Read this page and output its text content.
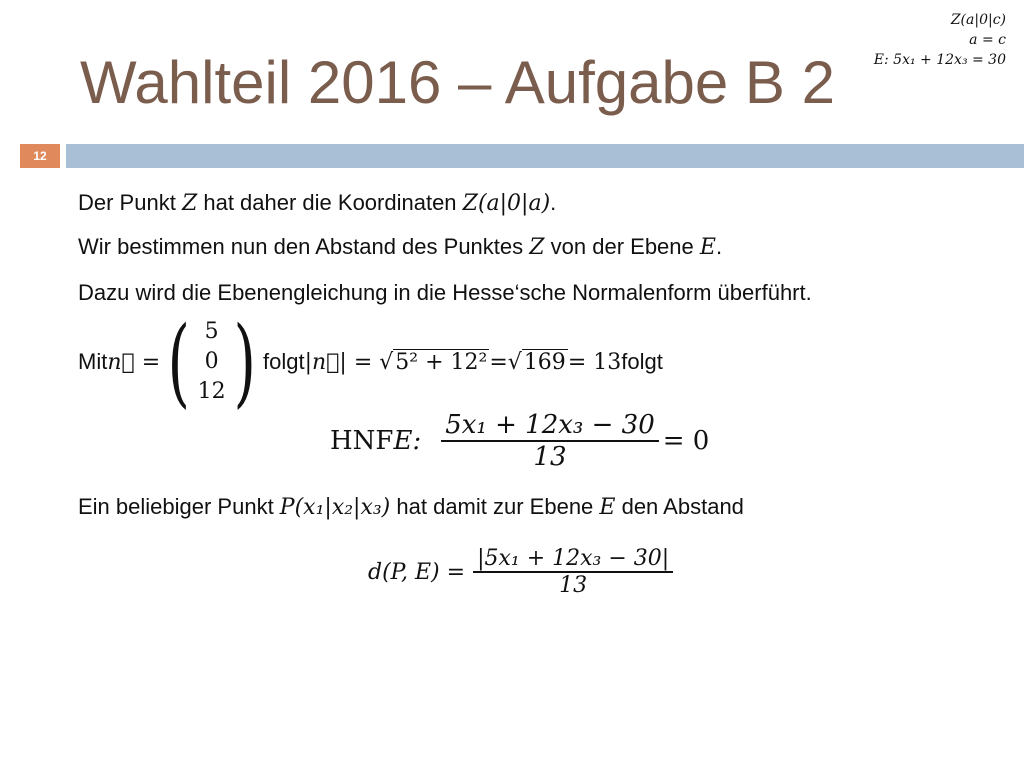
Wahlteil 2016 – Aufgabe B 2
Z(a|0|c)
a = c
E: 5x₁ + 12x₃ = 30
12
Der Punkt Z hat daher die Koordinaten Z(a|0|a).
Wir bestimmen nun den Abstand des Punktes Z von der Ebene E.
Dazu wird die Ebenengleichung in die Hesse‘sche Normalenform überführt.
Mit n⃗ = ( 5
0
12 ) folgt |n⃗| = √5² + 12² = √169 = 13 folgt
HNF E: $\frac{\text{5x₁ + 12x₃ − 30}}{13} = 0$
Ein beliebiger Punkt P(x₁|x₂|x₃) hat damit zur Ebene E den Abstand
d(P, $E) = \frac{\text{|5x₁ + 12x₃ − 30|}}{13}$
